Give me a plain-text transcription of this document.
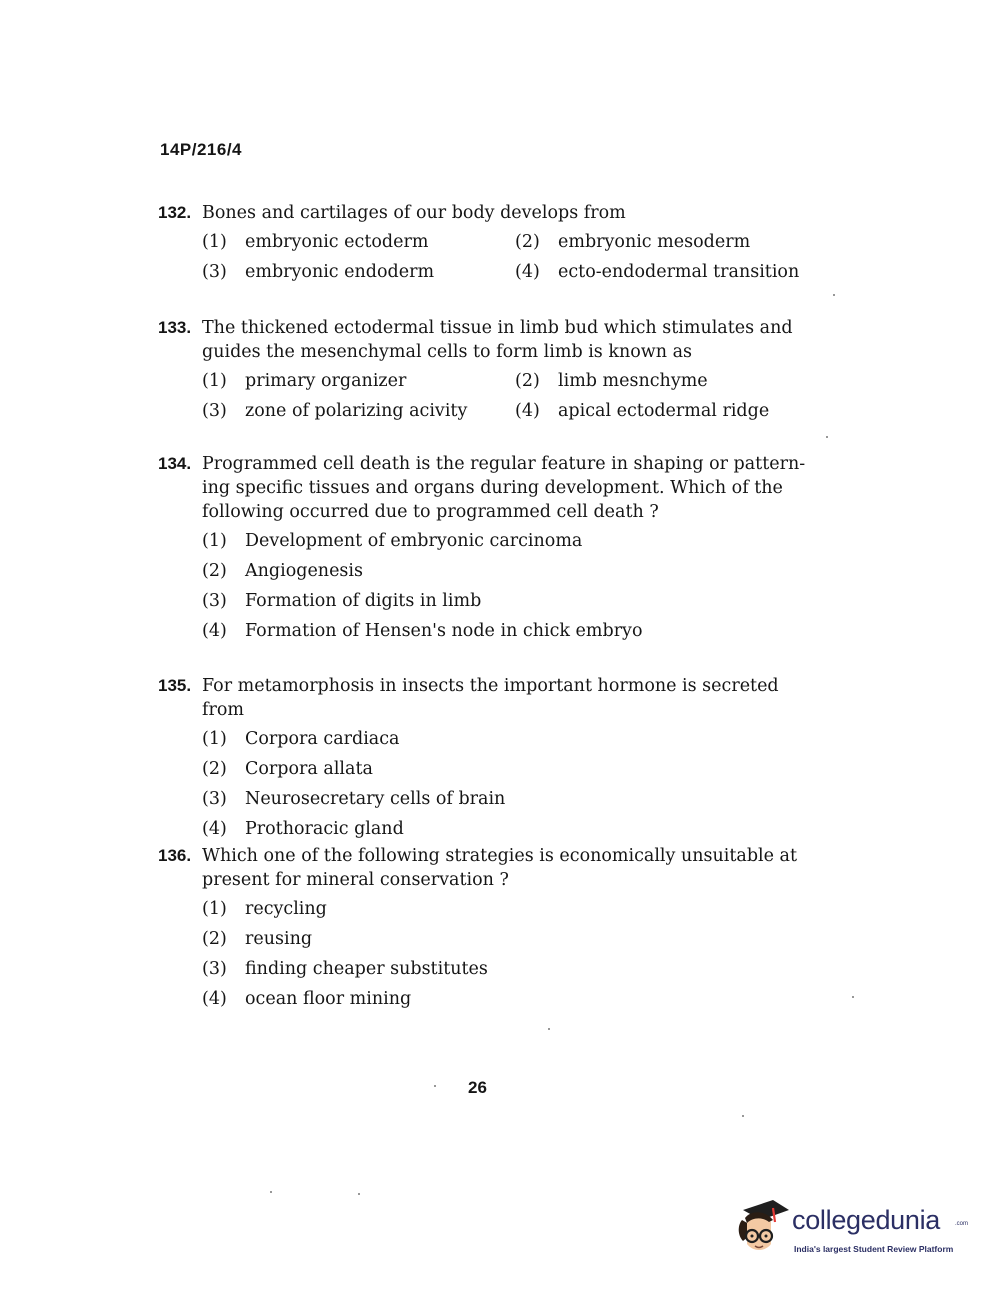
14P/216/4
132. Bones and cartilages of our body develops from
(1)	embryonic ectoderm	(2)	embryonic mesoderm
(3)	embryonic endoderm	(4)	ecto-endodermal transition
133. The thickened ectodermal tissue in limb bud which stimulates and guides the mesenchymal cells to form limb is known as
(1)	primary organizer	(2)	limb mesnchyme
(3)	zone of polarizing acivity	(4)	apical ectodermal ridge
134. Programmed cell death is the regular feature in shaping or pattern-ing specific tissues and organs during development. Which of the following occurred due to programmed cell death ?
(1)	Development of embryonic carcinoma
(2)	Angiogenesis
(3)	Formation of digits in limb
(4)	Formation of Hensen's node in chick embryo
135. For metamorphosis in insects the important hormone is secreted from
(1)	Corpora cardiaca
(2)	Corpora allata
(3)	Neurosecretary cells of brain
(4)	Prothoracic gland
136. Which one of the following strategies is economically unsuitable at present for mineral conservation ?
(1)	recycling
(2)	reusing
(3)	finding cheaper substitutes
(4)	ocean floor mining
26
collegedunia .com
India's largest Student Review Platform
